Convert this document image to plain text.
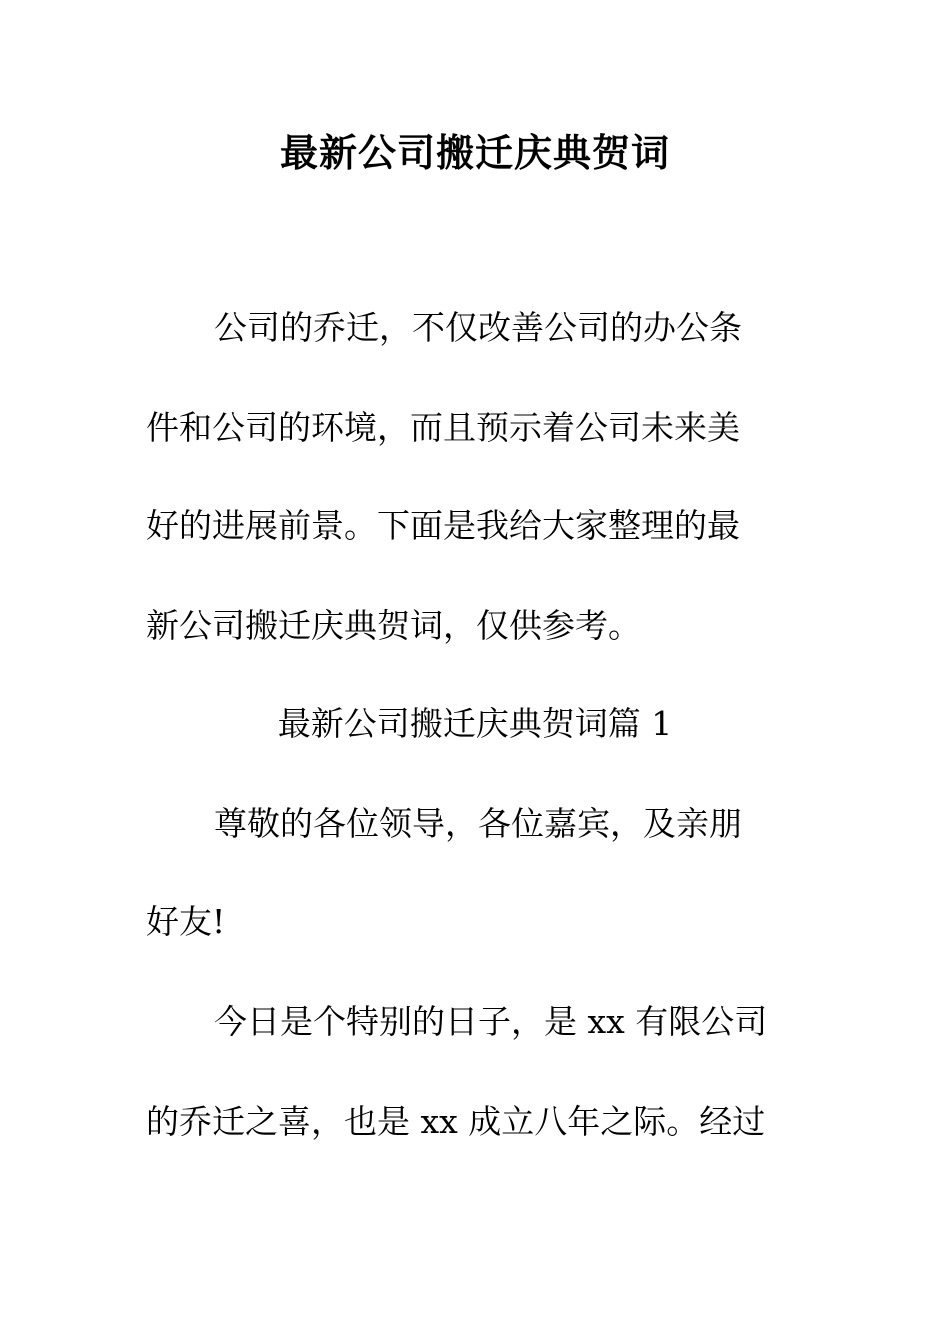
最新公司搬迁庆典贺词
公司的乔迁，不仅改善公司的办公条
件和公司的环境，而且预示着公司未来美
好的进展前景。下面是我给大家整理的最
新公司搬迁庆典贺词，仅供参考。
最新公司搬迁庆典贺词篇 1
尊敬的各位领导，各位嘉宾，及亲朋
好友!
今日是个特别的日子，是 xx 有限公司
的乔迁之喜，也是 xx 成立八年之际。经过
